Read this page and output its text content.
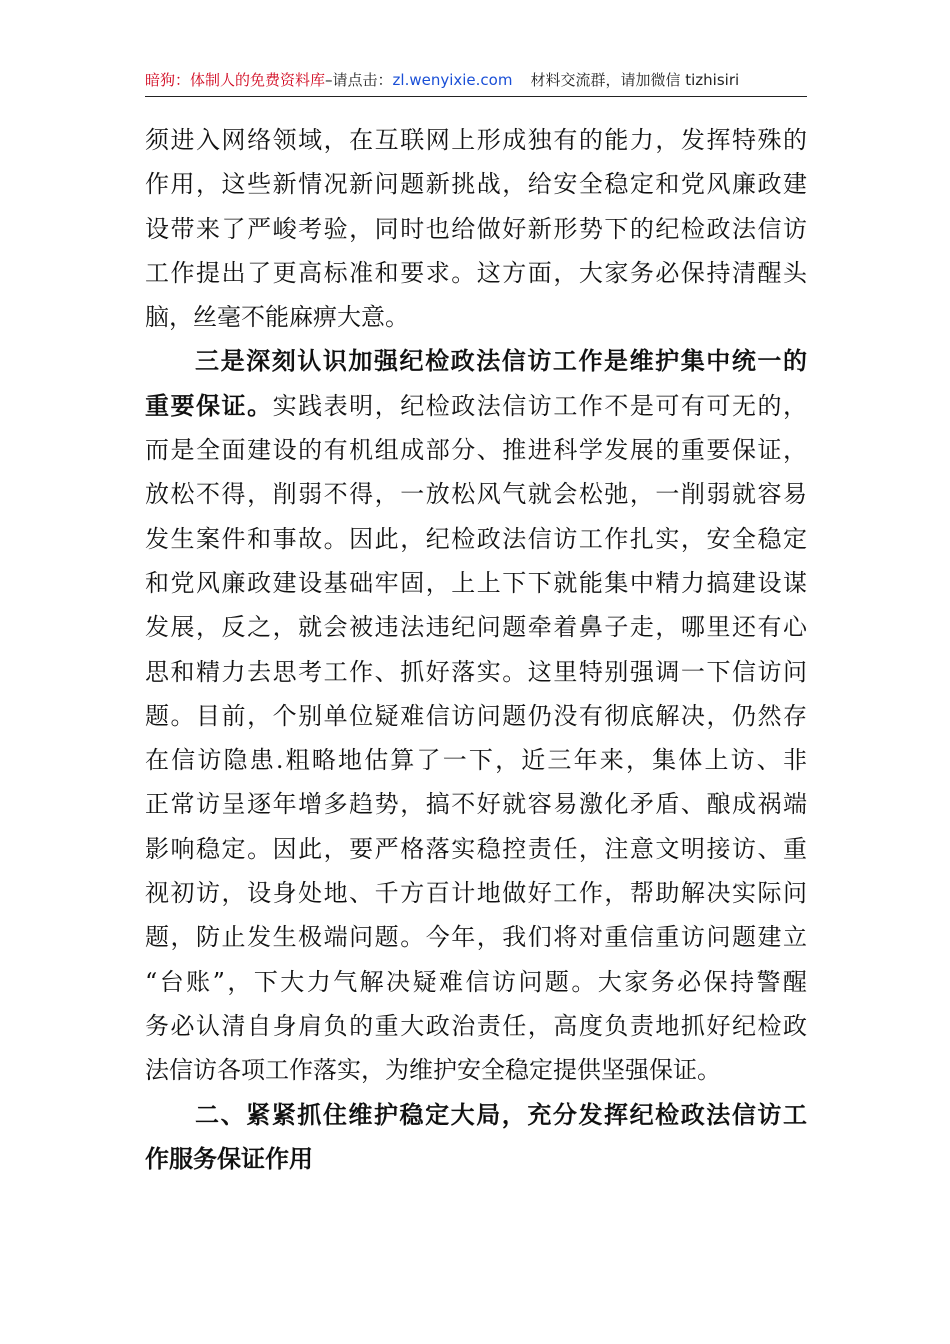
暗狗：体制人的免费资料库–请点击：zl.wenyixie.com 材料交流群，请加微信 tizhisiri
须进入网络领域，在互联网上形成独有的能力，发挥特殊的
作用，这些新情况新问题新挑战，给安全稳定和党风廉政建
设带来了严峻考验，同时也给做好新形势下的纪检政法信访
工作提出了更高标准和要求。这方面，大家务必保持清醒头
脑，丝毫不能麻痹大意。
三是深刻认识加强纪检政法信访工作是维护集中统一的
重要保证。实践表明，纪检政法信访工作不是可有可无的，
而是全面建设的有机组成部分、推进科学发展的重要保证，
放松不得，削弱不得，一放松风气就会松弛，一削弱就容易
发生案件和事故。因此，纪检政法信访工作扎实，安全稳定
和党风廉政建设基础牢固，上上下下就能集中精力搞建设谋
发展，反之，就会被违法违纪问题牵着鼻子走，哪里还有心
思和精力去思考工作、抓好落实。这里特别强调一下信访问
题。目前，个别单位疑难信访问题仍没有彻底解决，仍然存
在信访隐患.粗略地估算了一下，近三年来，集体上访、非
正常访呈逐年增多趋势，搞不好就容易激化矛盾、酿成祸端
影响稳定。因此，要严格落实稳控责任，注意文明接访、重
视初访，设身处地、千方百计地做好工作，帮助解决实际问
题，防止发生极端问题。今年，我们将对重信重访问题建立
“台账”，下大力气解决疑难信访问题。大家务必保持警醒
务必认清自身肩负的重大政治责任，高度负责地抓好纪检政
法信访各项工作落实，为维护安全稳定提供坚强保证。
二、紧紧抓住维护稳定大局，充分发挥纪检政法信访工
作服务保证作用
